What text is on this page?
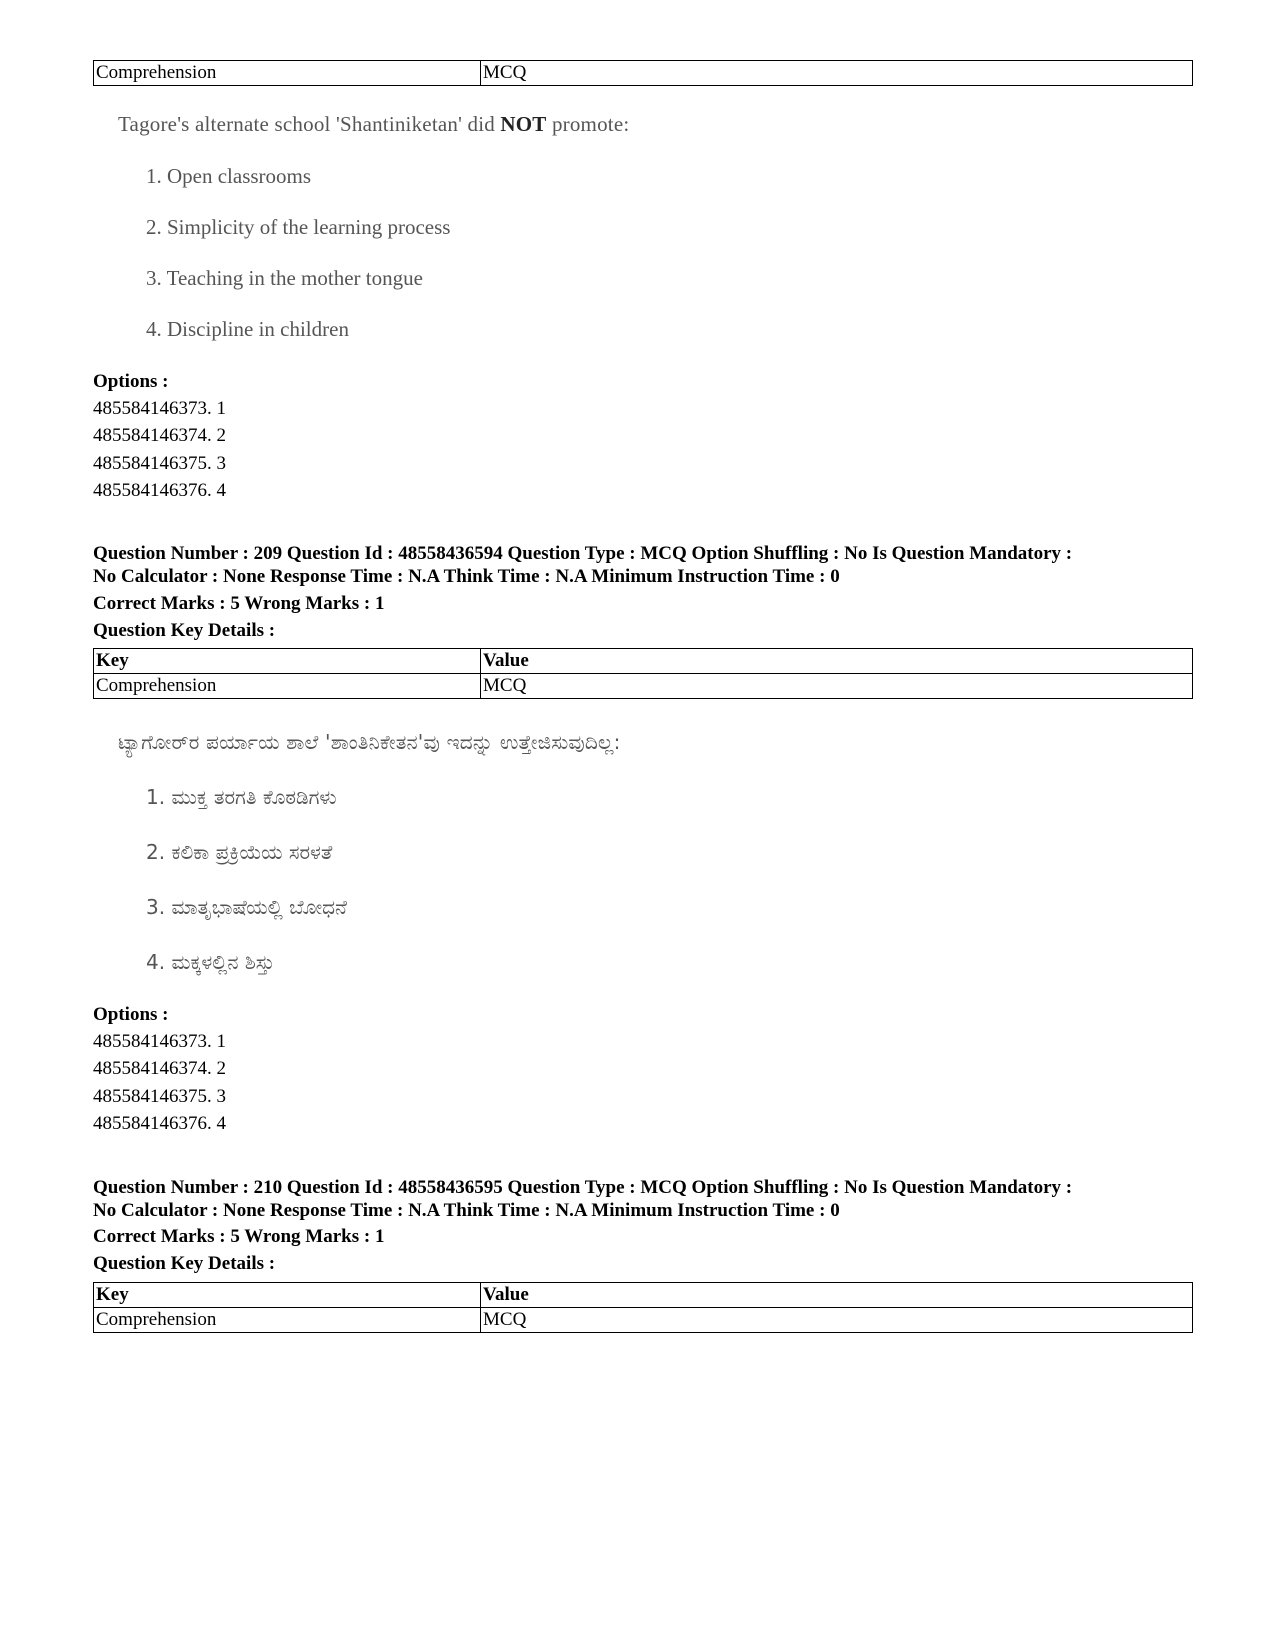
Comprehension	MCQ
Tagore's alternate school 'Shantiniketan' did NOT promote:
1. Open classrooms
2. Simplicity of the learning process
3. Teaching in the mother tongue
4. Discipline in children
Options :
485584146373. 1
485584146374. 2
485584146375. 3
485584146376. 4
Question Number : 209 Question Id : 48558436594 Question Type : MCQ Option Shuffling : No Is Question Mandatory :
No Calculator : None Response Time : N.A Think Time : N.A Minimum Instruction Time : 0
Correct Marks : 5 Wrong Marks : 1
Question Key Details :
Key	Value
Comprehension	MCQ
ಟ್ಯಾಗೋರ್‌ರ ಪರ್ಯಾಯ ಶಾಲೆ 'ಶಾಂತಿನಿಕೇತನ'ವು ಇದನ್ನು ಉತ್ತೇಜಿಸುವುದಿಲ್ಲ:
1. ಮುಕ್ತ ತರಗತಿ ಕೊಠಡಿಗಳು
2. ಕಲಿಕಾ ಪ್ರಕ್ರಿಯೆಯ ಸರಳತೆ
3. ಮಾತೃಭಾಷೆಯಲ್ಲಿ ಬೋಧನೆ
4. ಮಕ್ಕಳಲ್ಲಿನ ಶಿಸ್ತು
Options :
485584146373. 1
485584146374. 2
485584146375. 3
485584146376. 4
Question Number : 210 Question Id : 48558436595 Question Type : MCQ Option Shuffling : No Is Question Mandatory :
No Calculator : None Response Time : N.A Think Time : N.A Minimum Instruction Time : 0
Correct Marks : 5 Wrong Marks : 1
Question Key Details :
Key	Value
Comprehension	MCQ
